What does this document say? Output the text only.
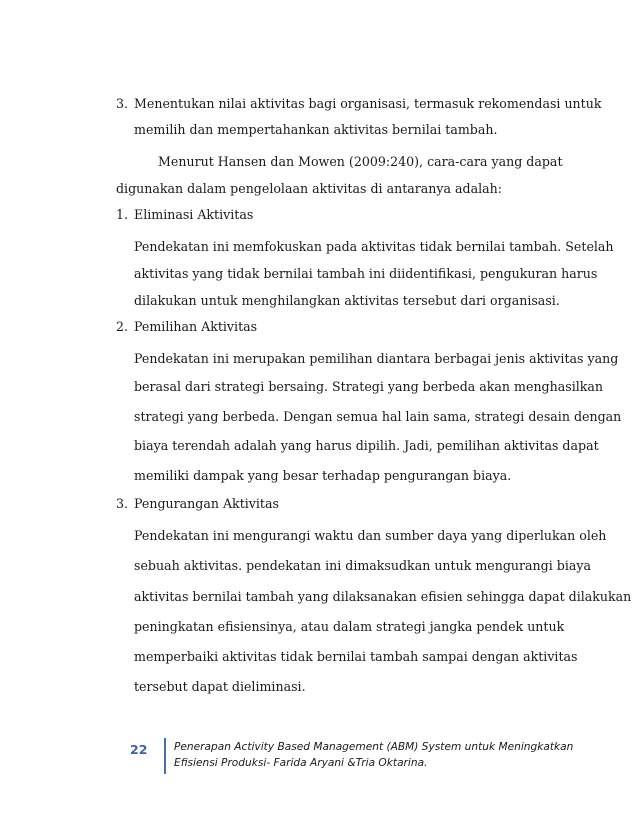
3. Menentukan nilai aktivitas bagi organisasi, termasuk rekomendasi untuk
memilih dan mempertahankan aktivitas bernilai tambah.
Menurut Hansen dan Mowen (2009:240), cara-cara yang dapat
digunakan dalam pengelolaan aktivitas di antaranya adalah:
1. Eliminasi Aktivitas
Pendekatan ini memfokuskan pada aktivitas tidak bernilai tambah. Setelah
aktivitas yang tidak bernilai tambah ini diidentifikasi, pengukuran harus
dilakukan untuk menghilangkan aktivitas tersebut dari organisasi.
2. Pemilihan Aktivitas
Pendekatan ini merupakan pemilihan diantara berbagai jenis aktivitas yang
berasal dari strategi bersaing. Strategi yang berbeda akan menghasilkan
strategi yang berbeda. Dengan semua hal lain sama, strategi desain dengan
biaya terendah adalah yang harus dipilih. Jadi, pemilihan aktivitas dapat
memiliki dampak yang besar terhadap pengurangan biaya.
3. Pengurangan Aktivitas
Pendekatan ini mengurangi waktu dan sumber daya yang diperlukan oleh
sebuah aktivitas. pendekatan ini dimaksudkan untuk mengurangi biaya
aktivitas bernilai tambah yang dilaksanakan efisien sehingga dapat dilakukan
peningkatan efisiensinya, atau dalam strategi jangka pendek untuk
memperbaiki aktivitas tidak bernilai tambah sampai dengan aktivitas
tersebut dapat dieliminasi.
22	Penerapan Activity Based Management (ABM) System untuk Meningkatkan
Efisiensi Produksi- Farida Aryani &Tria Oktarina.
